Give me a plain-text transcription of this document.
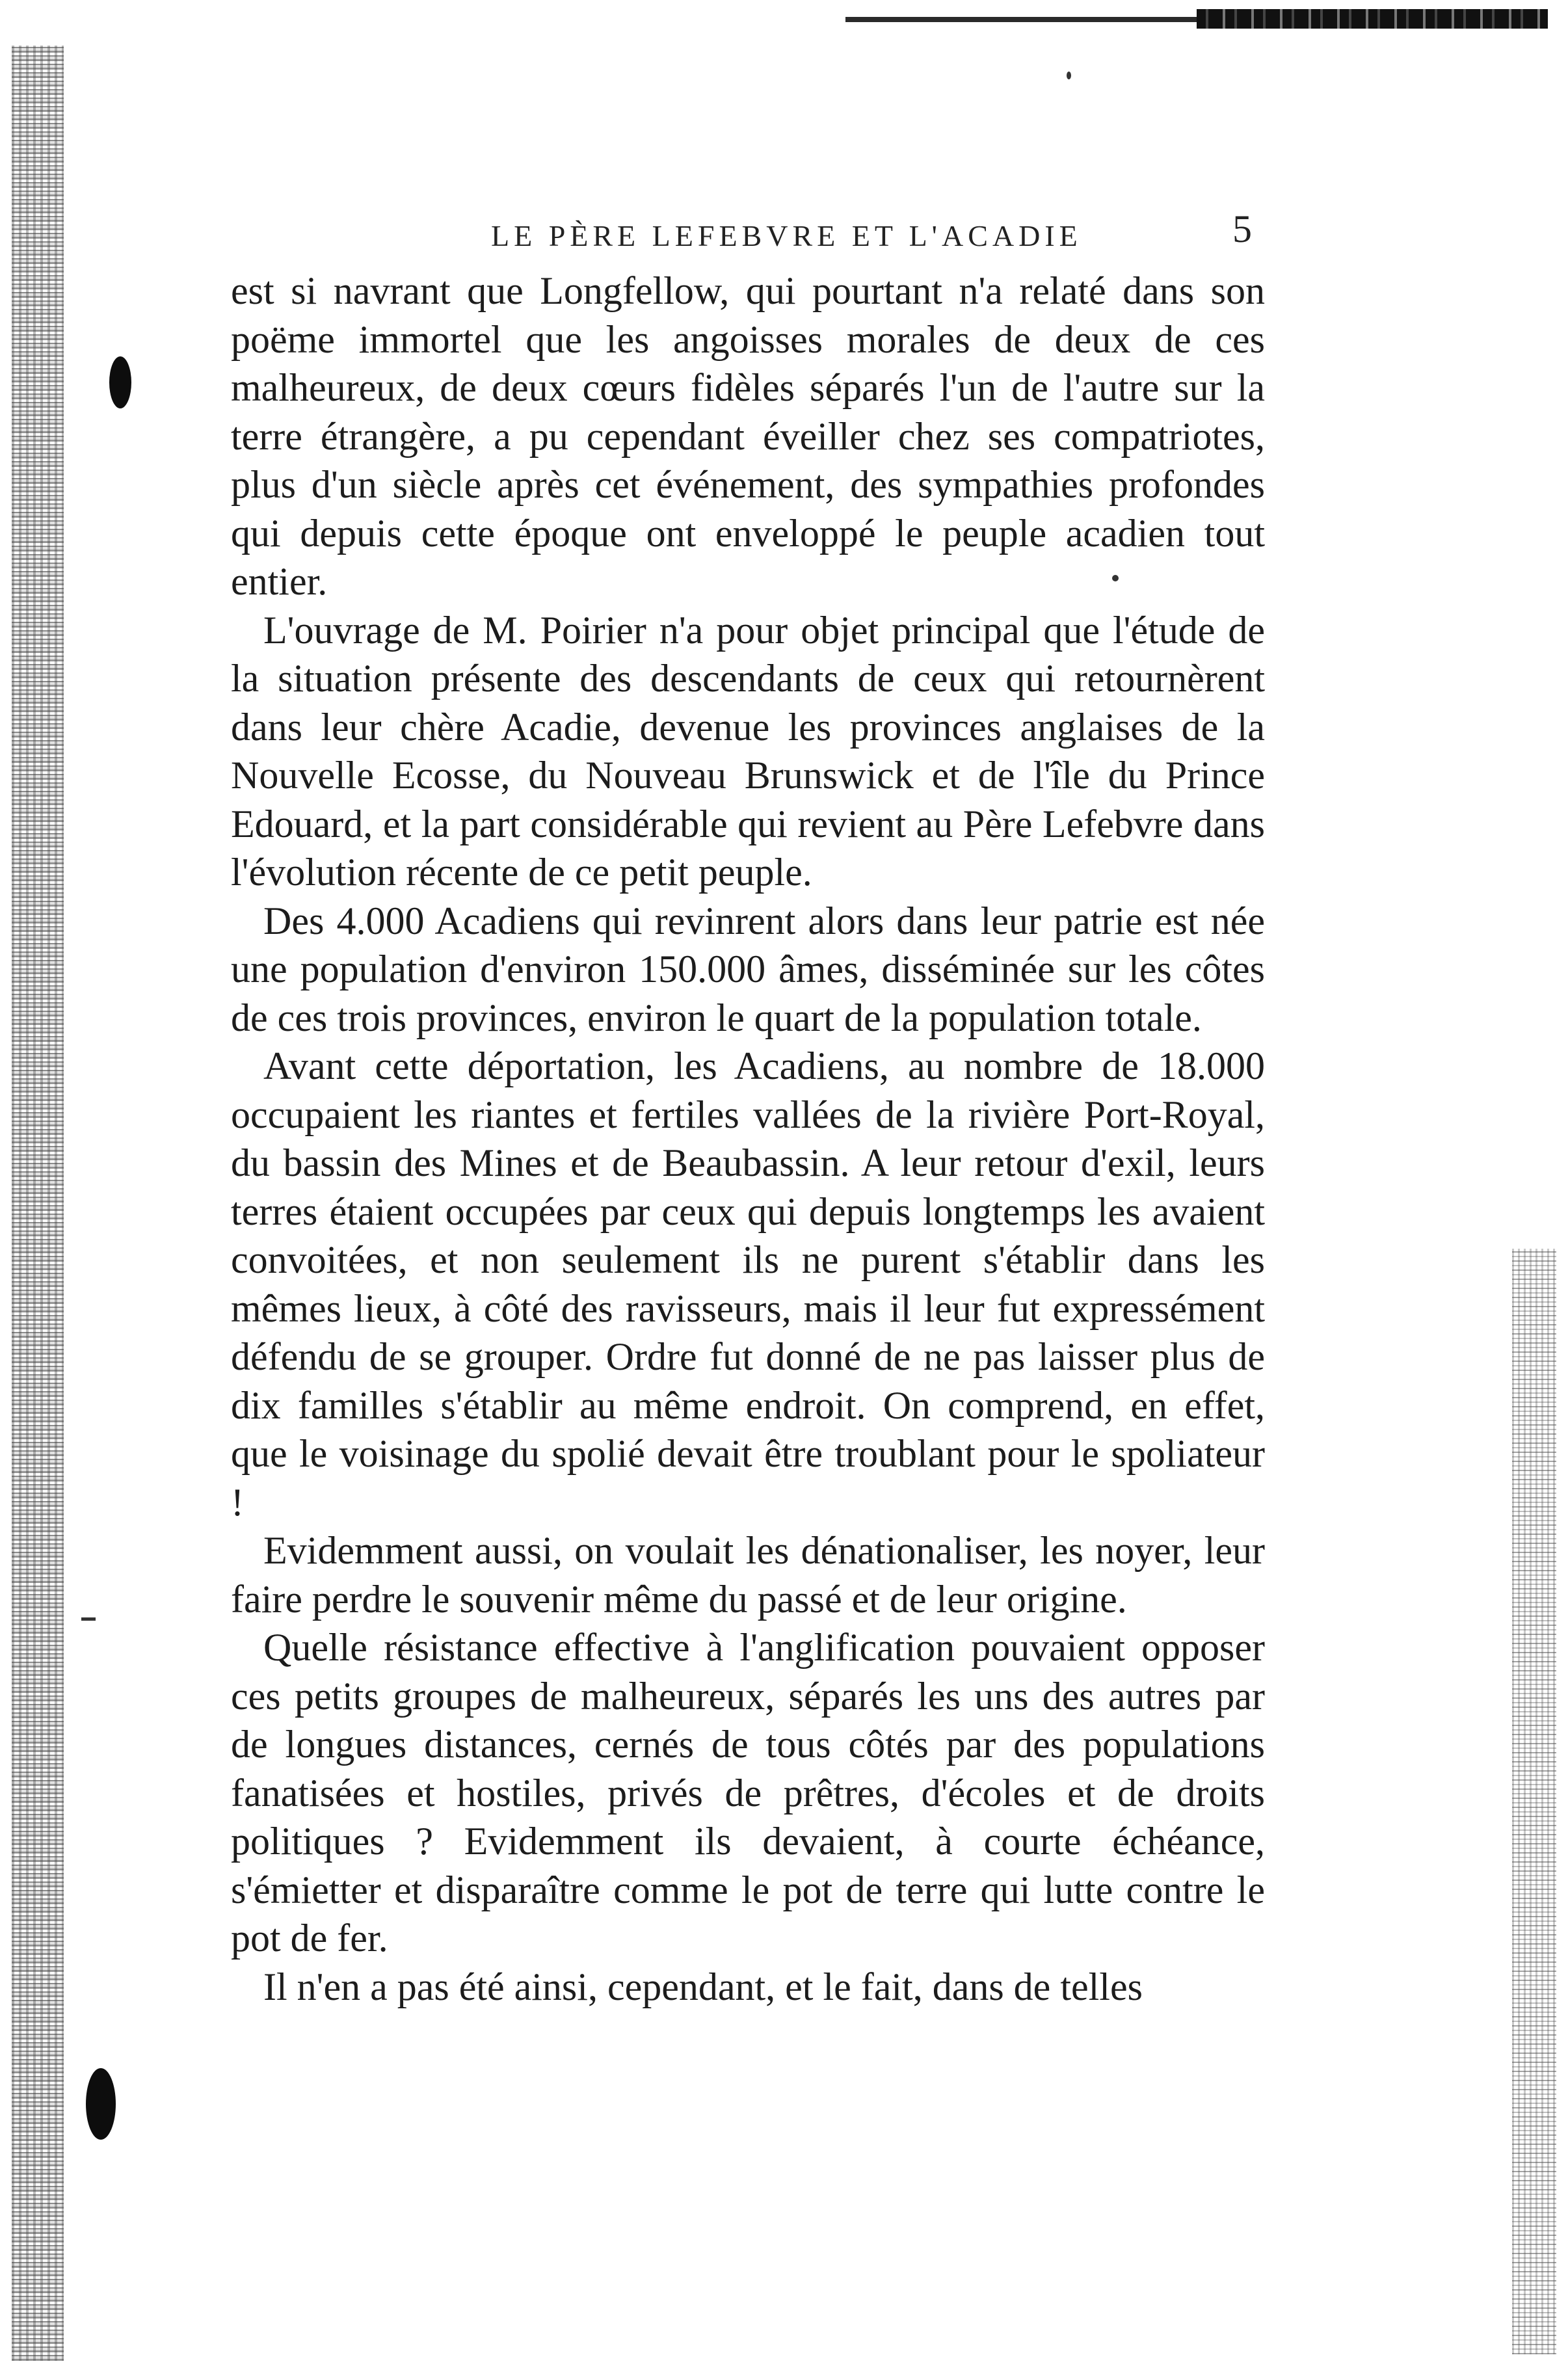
LE PÈRE LEFEBVRE ET L'ACADIE	5

est si navrant que Longfellow, qui pourtant n'a relaté dans son poëme immortel que les angoisses morales de deux de ces malheureux, de deux cœurs fidèles séparés l'un de l'autre sur la terre étrangère, a pu cependant éveiller chez ses compatriotes, plus d'un siècle après cet événement, des sympathies profondes qui depuis cette époque ont enveloppé le peuple acadien tout entier.

L'ouvrage de M. Poirier n'a pour objet principal que l'étude de la situation présente des descendants de ceux qui retournèrent dans leur chère Acadie, devenue les provinces anglaises de la Nouvelle Ecosse, du Nouveau Brunswick et de l'île du Prince Edouard, et la part considérable qui revient au Père Lefebvre dans l'évolution récente de ce petit peuple.

Des 4.000 Acadiens qui revinrent alors dans leur patrie est née une population d'environ 150.000 âmes, disséminée sur les côtes de ces trois provinces, environ le quart de la population totale.

Avant cette déportation, les Acadiens, au nombre de 18.000 occupaient les riantes et fertiles vallées de la rivière Port-Royal, du bassin des Mines et de Beaubassin. A leur retour d'exil, leurs terres étaient occupées par ceux qui depuis longtemps les avaient convoitées, et non seulement ils ne purent s'établir dans les mêmes lieux, à côté des ravisseurs, mais il leur fut expressément défendu de se grouper. Ordre fut donné de ne pas laisser plus de dix familles s'établir au même endroit. On comprend, en effet, que le voisinage du spolié devait être troublant pour le spoliateur !

Evidemment aussi, on voulait les dénationaliser, les noyer, leur faire perdre le souvenir même du passé et de leur origine.

Quelle résistance effective à l'anglification pouvaient opposer ces petits groupes de malheureux, séparés les uns des autres par de longues distances, cernés de tous côtés par des populations fanatisées et hostiles, privés de prêtres, d'écoles et de droits politiques ? Evidemment ils devaient, à courte échéance, s'émietter et disparaître comme le pot de terre qui lutte contre le pot de fer.

Il n'en a pas été ainsi, cependant, et le fait, dans de telles
